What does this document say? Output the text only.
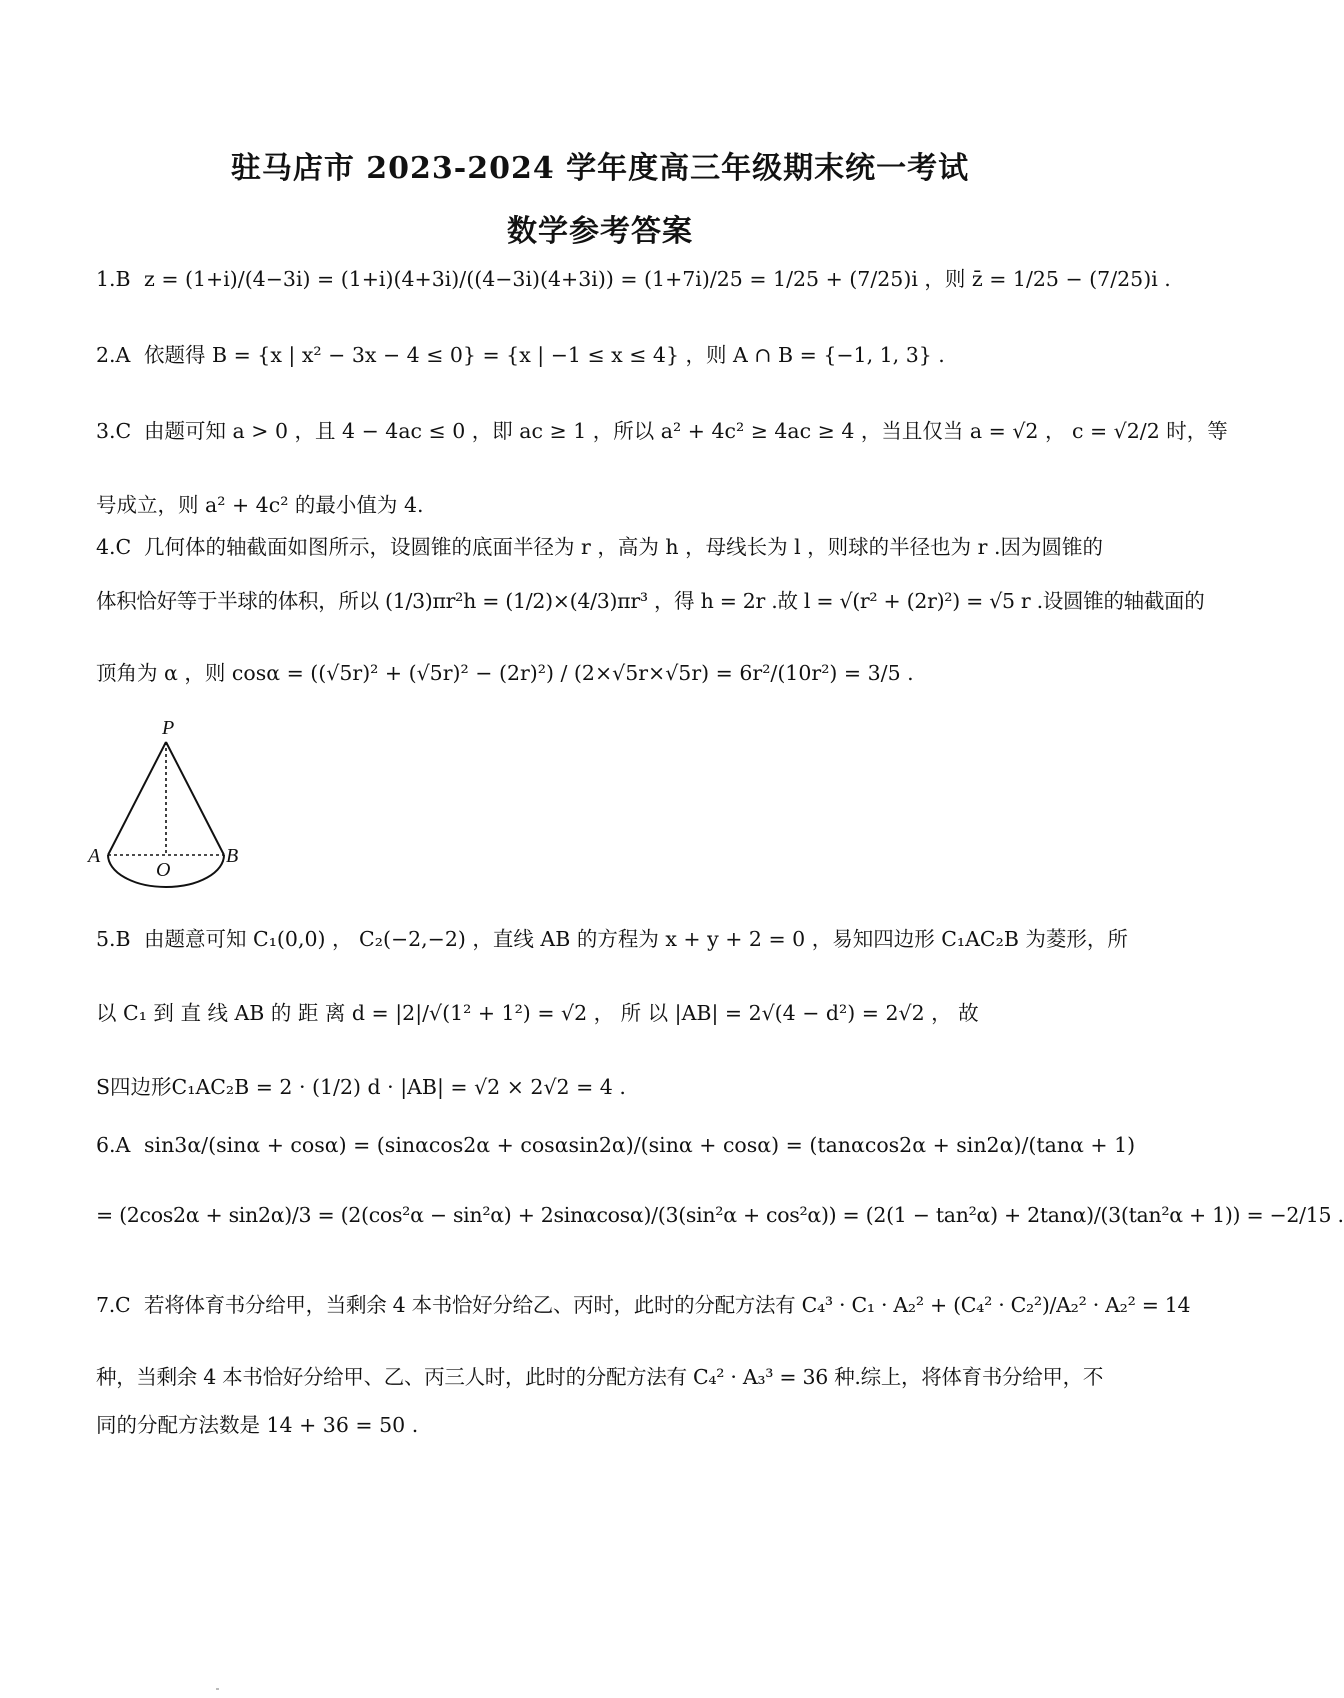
驻马店市 2023-2024 学年度高三年级期末统一考试
数学参考答案
1.B z = (1+i)/(4−3i) = (1+i)(4+3i)/((4−3i)(4+3i)) = (1+7i)/25 = 1/25 + (7/25)i ，则 z̄ = 1/25 − (7/25)i .
2.A 依题得 B = {x | x² − 3x − 4 ≤ 0} = {x | −1 ≤ x ≤ 4} ，则 A ∩ B = {−1, 1, 3} .
3.C 由题可知 a > 0 ，且 4 − 4ac ≤ 0 ，即 ac ≥ 1 ，所以 a² + 4c² ≥ 4ac ≥ 4 ，当且仅当 a = √2 ， c = √2/2 时，等
号成立，则 a² + 4c² 的最小值为 4.
4.C 几何体的轴截面如图所示，设圆锥的底面半径为 r ，高为 h ，母线长为 l ，则球的半径也为 r .因为圆锥的
体积恰好等于半球的体积，所以 (1/3)πr²h = (1/2)×(4/3)πr³ ，得 h = 2r .故 l = √(r² + (2r)²) = √5 r .设圆锥的轴截面的
顶角为 α ，则 cosα = ((√5r)² + (√5r)² − (2r)²) / (2×√5r×√5r) = 6r²/(10r²) = 3/5 .
P
A
O
B
5.B 由题意可知 C₁(0,0) ， C₂(−2,−2) ，直线 AB 的方程为 x + y + 2 = 0 ，易知四边形 C₁AC₂B 为菱形，所
以 C₁ 到 直 线 AB 的 距 离 d = |2|/√(1² + 1²) = √2 ， 所 以 |AB| = 2√(4 − d²) = 2√2 ， 故
S四边形C₁AC₂B = 2 · (1/2) d · |AB| = √2 × 2√2 = 4 .
6.A sin3α/(sinα + cosα) = (sinαcos2α + cosαsin2α)/(sinα + cosα) = (tanαcos2α + sin2α)/(tanα + 1)
= (2cos2α + sin2α)/3 = (2(cos²α − sin²α) + 2sinαcosα)/(3(sin²α + cos²α)) = (2(1 − tan²α) + 2tanα)/(3(tan²α + 1)) = −2/15 .
7.C 若将体育书分给甲，当剩余 4 本书恰好分给乙、丙时，此时的分配方法有 C₄³ · C₁ · A₂² + (C₄² · C₂²)/A₂² · A₂² = 14
种，当剩余 4 本书恰好分给甲、乙、丙三人时，此时的分配方法有 C₄² · A₃³ = 36 种.综上，将体育书分给甲，不
同的分配方法数是 14 + 36 = 50 .
